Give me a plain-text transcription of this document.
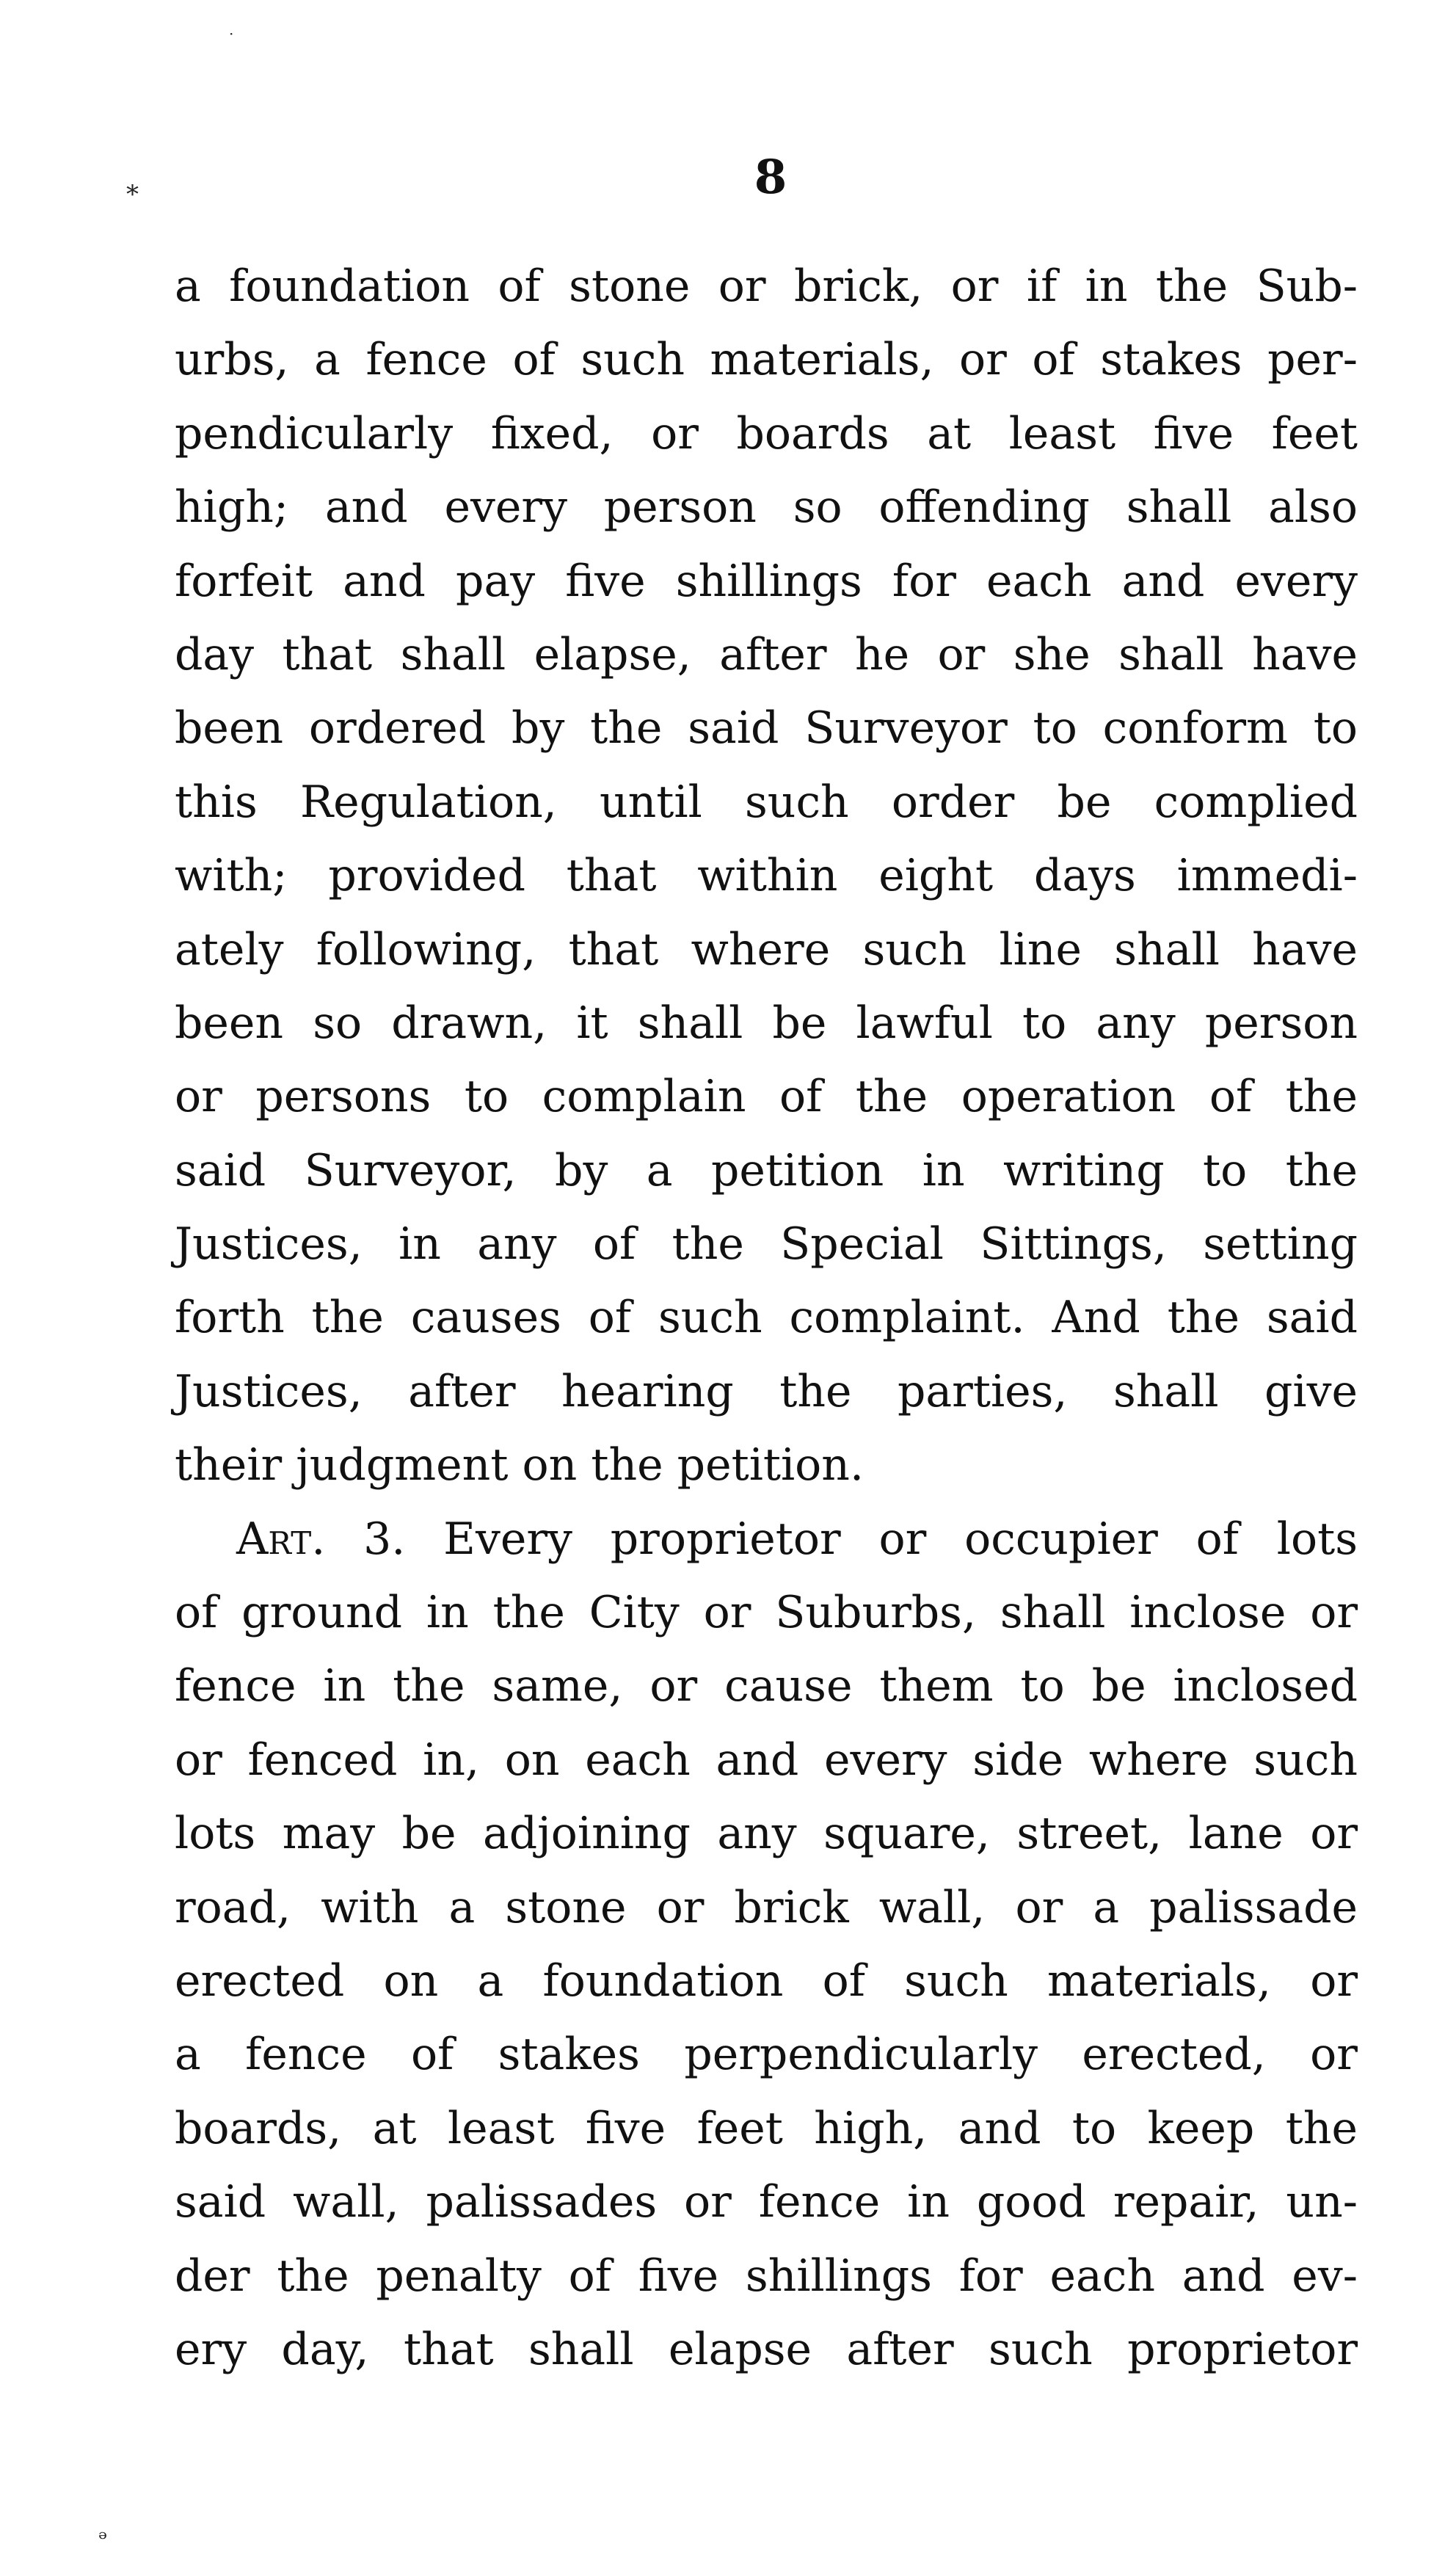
·
*	8
a foundation of stone or brick, or if in the Sub-
urbs, a fence of such materials, or of stakes per-
pendicularly fixed, or boards at least five feet
high; and every person so offending shall also
forfeit and pay five shillings for each and every
day that shall elapse, after he or she shall have
been ordered by the said Surveyor to conform to
this Regulation, until such order be complied
with; provided that within eight days immedi-
ately following, that where such line shall have
been so drawn, it shall be lawful to any person
or persons to complain of the operation of the
said Surveyor, by a petition in writing to the
Justices, in any of the Special Sittings, setting
forth the causes of such complaint. And the said
Justices, after hearing the parties, shall give
their judgment on the petition.
Art. 3. Every proprietor or occupier of lots
of ground in the City or Suburbs, shall inclose or
fence in the same, or cause them to be inclosed
or fenced in, on each and every side where such
lots may be adjoining any square, street, lane or
road, with a stone or brick wall, or a palissade
erected on a foundation of such materials, or
a fence of stakes perpendicularly erected, or
boards, at least five feet high, and to keep the
said wall, palissades or fence in good repair, un-
der the penalty of five shillings for each and ev-
ery day, that shall elapse after such proprietor
ₔ
